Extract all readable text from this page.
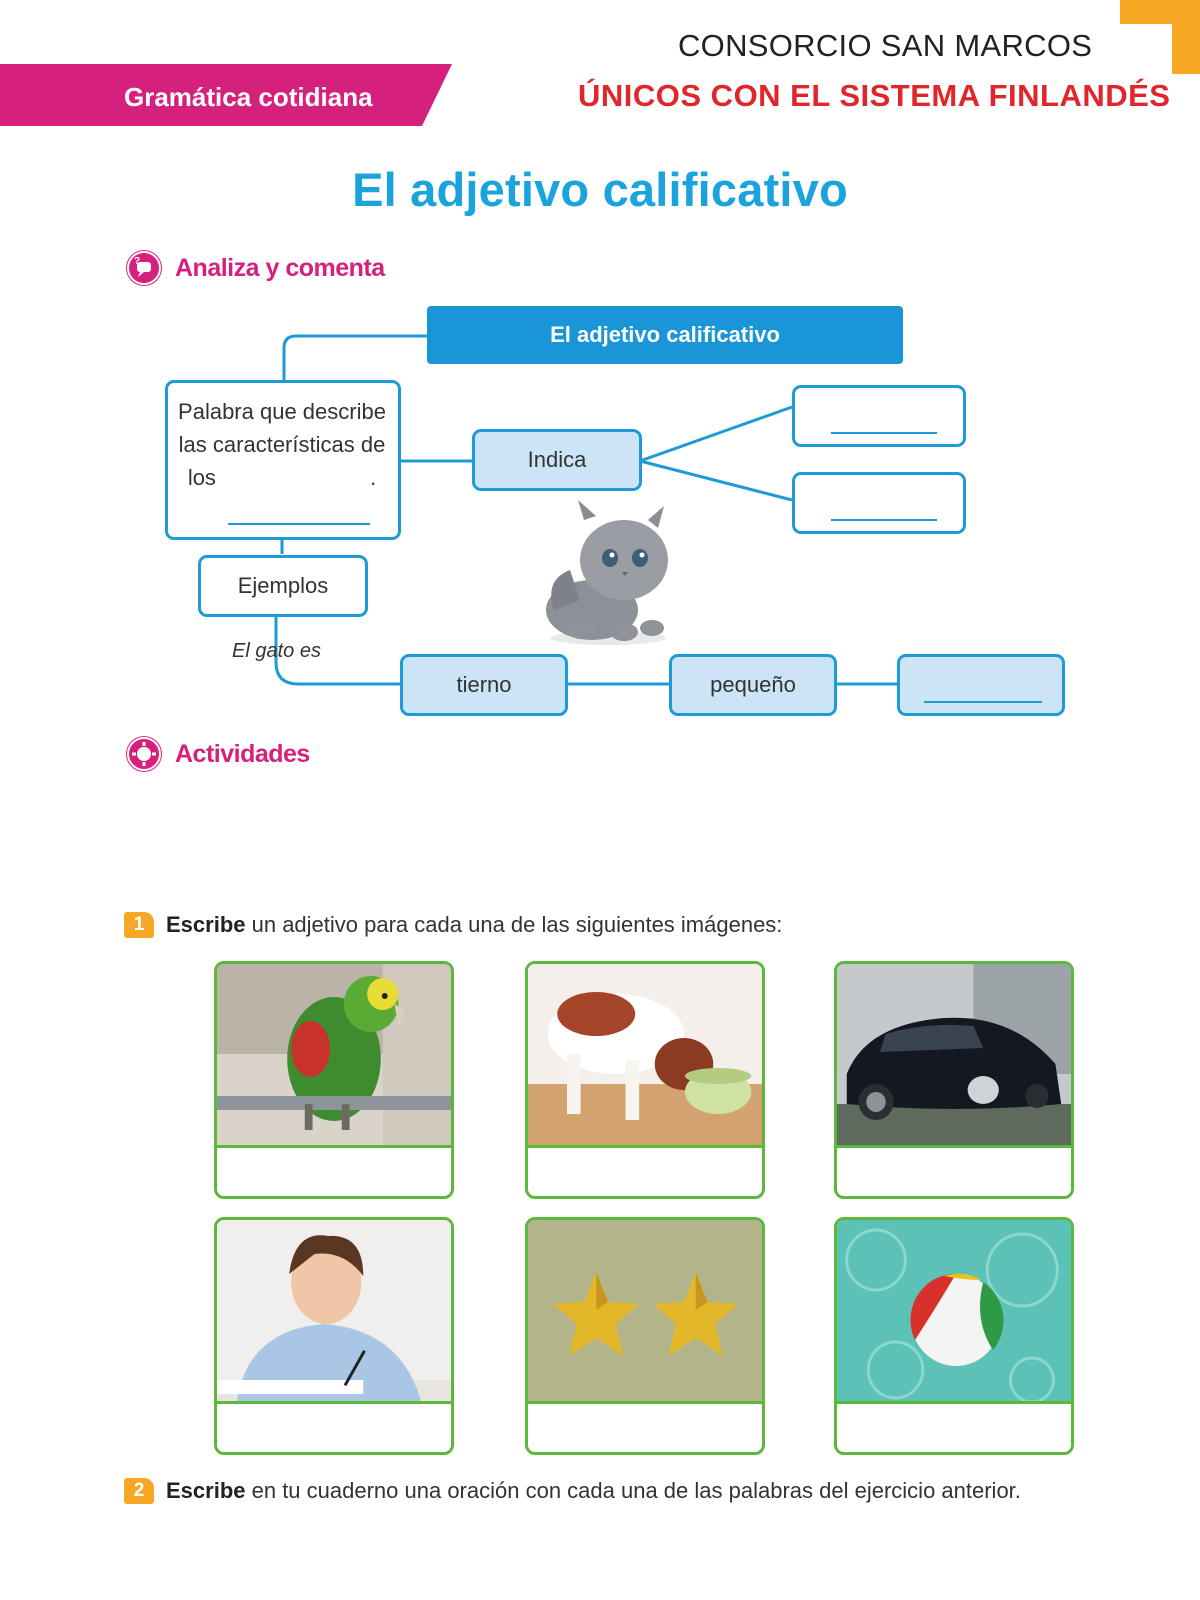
Gramática cotidiana
CONSORCIO SAN MARCOS
ÚNICOS CON EL SISTEMA FINLANDÉS
El adjetivo calificativo
? Analiza y comenta
El adjetivo calificativo
Palabra que describe las características de los	.
Indica
Ejemplos
El gato es
tierno	pequeño
Actividades
1 Escribe un adjetivo para cada una de las siguientes imágenes:
2 Escribe en tu cuaderno una oración con cada una de las palabras del ejercicio anterior.
